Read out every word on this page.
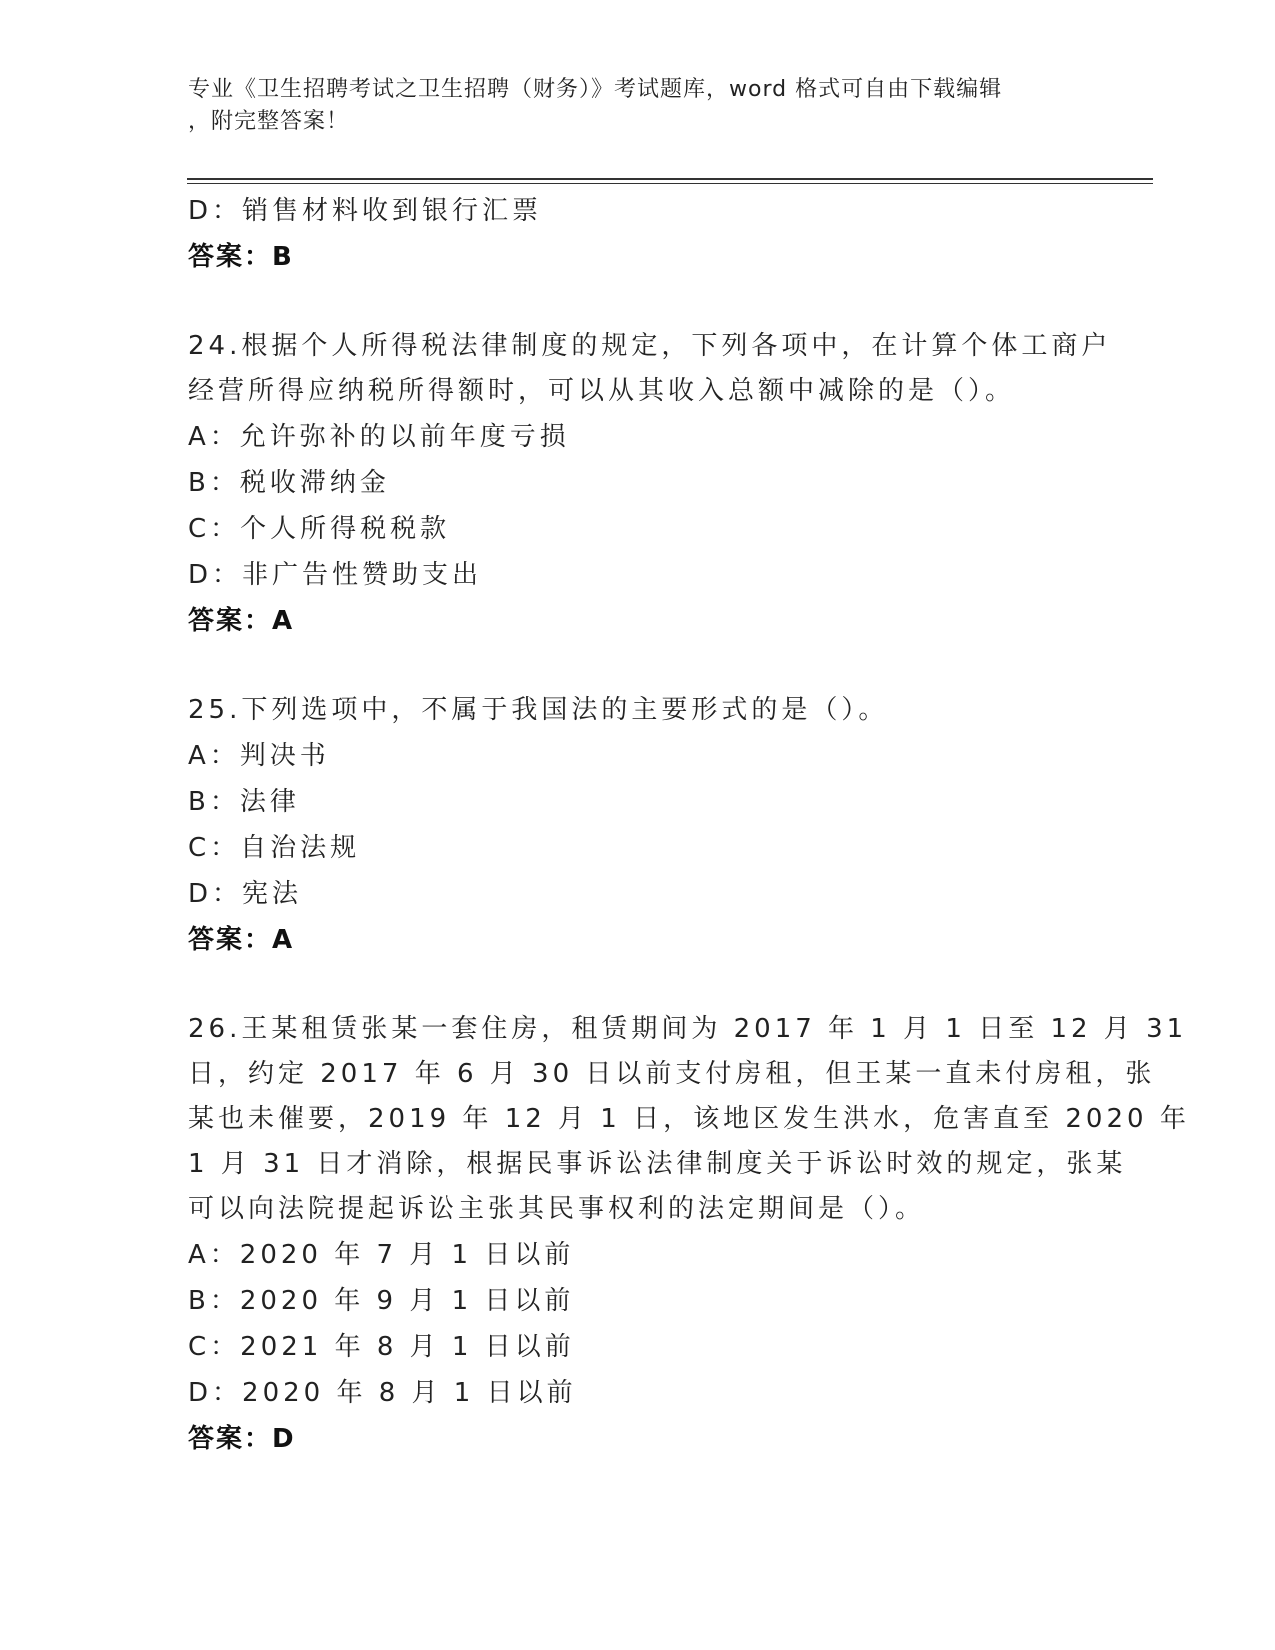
专业《卫生招聘考试之卫生招聘（财务）》考试题库，word 格式可自由下载编辑
，附完整答案！
D：销售材料收到银行汇票
答案：B
24.根据个人所得税法律制度的规定，下列各项中，在计算个体工商户
经营所得应纳税所得额时，可以从其收入总额中减除的是（）。
A：允许弥补的以前年度亏损
B：税收滞纳金
C：个人所得税税款
D：非广告性赞助支出
答案：A
25.下列选项中，不属于我国法的主要形式的是（）。
A：判决书
B：法律
C：自治法规
D：宪法
答案：A
26.王某租赁张某一套住房，租赁期间为 2017 年 1 月 1 日至 12 月 31
日，约定 2017 年 6 月 30 日以前支付房租，但王某一直未付房租，张
某也未催要，2019 年 12 月 1 日，该地区发生洪水，危害直至 2020 年
1 月 31 日才消除，根据民事诉讼法律制度关于诉讼时效的规定，张某
可以向法院提起诉讼主张其民事权利的法定期间是（）。
A：2020 年 7 月 1 日以前
B：2020 年 9 月 1 日以前
C：2021 年 8 月 1 日以前
D：2020 年 8 月 1 日以前
答案：D
